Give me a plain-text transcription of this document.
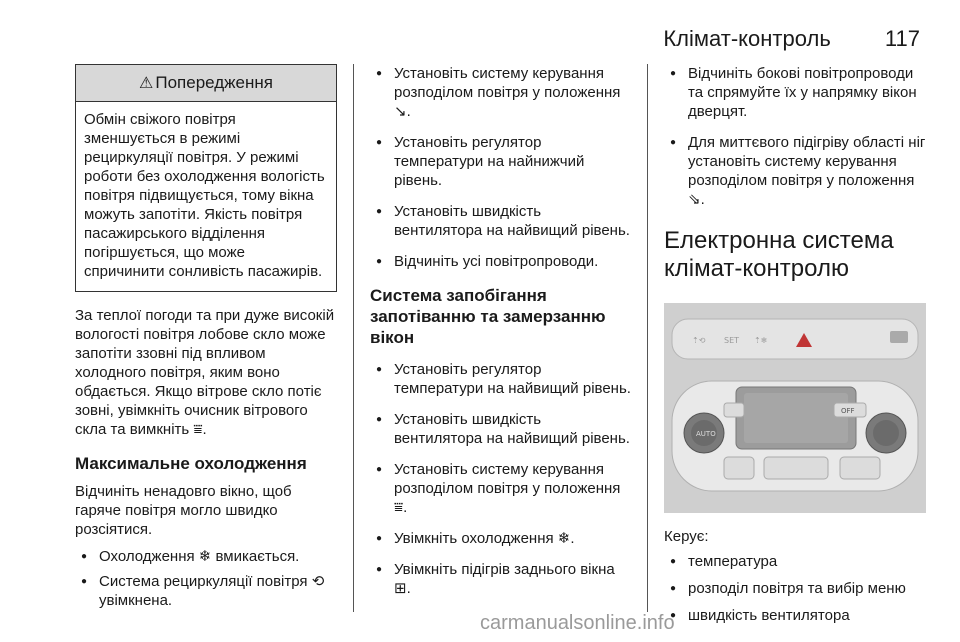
Клімат-контроль 117
⚠ Попередження
Обмін свіжого повітря зменшується в режимі рециркуляції повітря. У режимі роботи без охолодження вологість повітря підвищується, тому вікна можуть запотіти. Якість повітря пасажирського відділення погіршується, що може спричинити сонливість пасажирів.

За теплої погоди та при дуже високій вологості повітря лобове скло може запотіти ззовні під впливом холодного повітря, яким воно обдається. Якщо вітрове скло потіє зовні, увімкніть очисник вітрового скла та вимкніть ⩸.

Максимальне охолодження

Відчиніть ненадовго вікно, щоб гаряче повітря могло швидко розсіятися.

● Охолодження ❄ вмикається.
● Система рециркуляції повітря ⟲ увімкнена.
● Установіть систему керування розподілом повітря у положення ↘.
● Установіть регулятор температури на найнижчий рівень.
● Установіть швидкість вентилятора на найвищий рівень.
● Відчиніть усі повітропроводи.
Система запобігання запотіванню та замерзанню вікон
● Установіть регулятор температури на найвищий рівень.
● Установіть швидкість вентилятора на найвищий рівень.
● Установіть систему керування розподілом повітря у положення ⩸.
● Увімкніть охолодження ❄.
● Увімкніть підігрів заднього вікна ⊞.
● Відчиніть бокові повітропроводи та спрямуйте їх у напрямку вікон дверцят.
● Для миттєвого підігріву області ніг установіть систему керування розподілом повітря у положення ⇘.
Електронна система клімат-контролю
⇡⟲ SET ⇡❄
AUTO
OFF

Керує:

● температура
● розподіл повітря та вибір меню
● швидкість вентилятора
carmanualsonline.info
